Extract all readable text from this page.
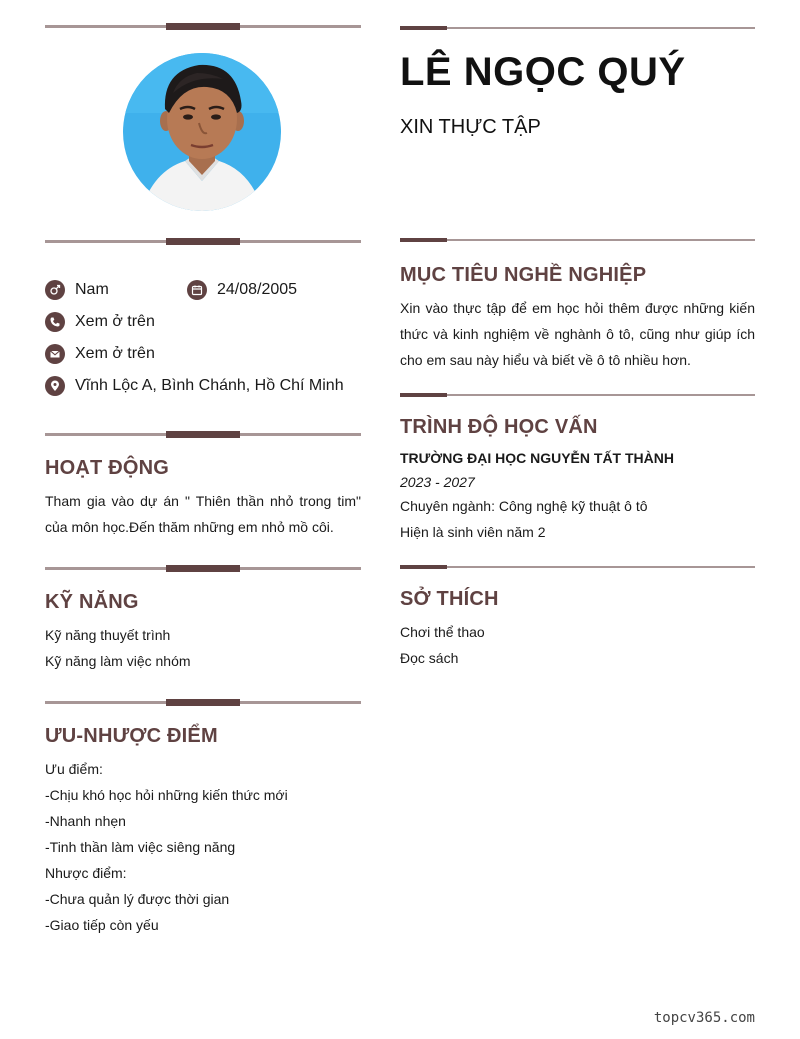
Nam	24/08/2005
Xem ở trên
Xem ở trên
Vĩnh Lộc A, Bình Chánh, Hồ Chí Minh
HOẠT ĐỘNG
Tham gia vào dự án " Thiên thần nhỏ trong tim" của môn học.Đến thăm những em nhỏ mồ côi.
KỸ NĂNG
Kỹ năng thuyết trình
Kỹ năng làm việc nhóm
ƯU-NHƯỢC ĐIỂM
Ưu điểm:
-Chịu khó học hỏi những kiến thức mới
-Nhanh nhẹn
-Tinh thần làm việc siêng năng
Nhược điểm:
-Chưa quản lý được thời gian
-Giao tiếp còn yếu
LÊ NGỌC QUÝ
XIN THỰC TẬP
MỤC TIÊU NGHỀ NGHIỆP
Xin vào thực tập để em học hỏi thêm được những kiến thức và kinh nghiệm về nghành ô tô, cũng như giúp ích cho em sau này hiểu và biết về ô tô nhiều hơn.
TRÌNH ĐỘ HỌC VẤN
TRƯỜNG ĐẠI HỌC NGUYỄN TẤT THÀNH
2023 - 2027
Chuyên ngành: Công nghệ kỹ thuật ô tô
Hiện là sinh viên năm 2
SỞ THÍCH
Chơi thể thao
Đọc sách
topcv365.com
